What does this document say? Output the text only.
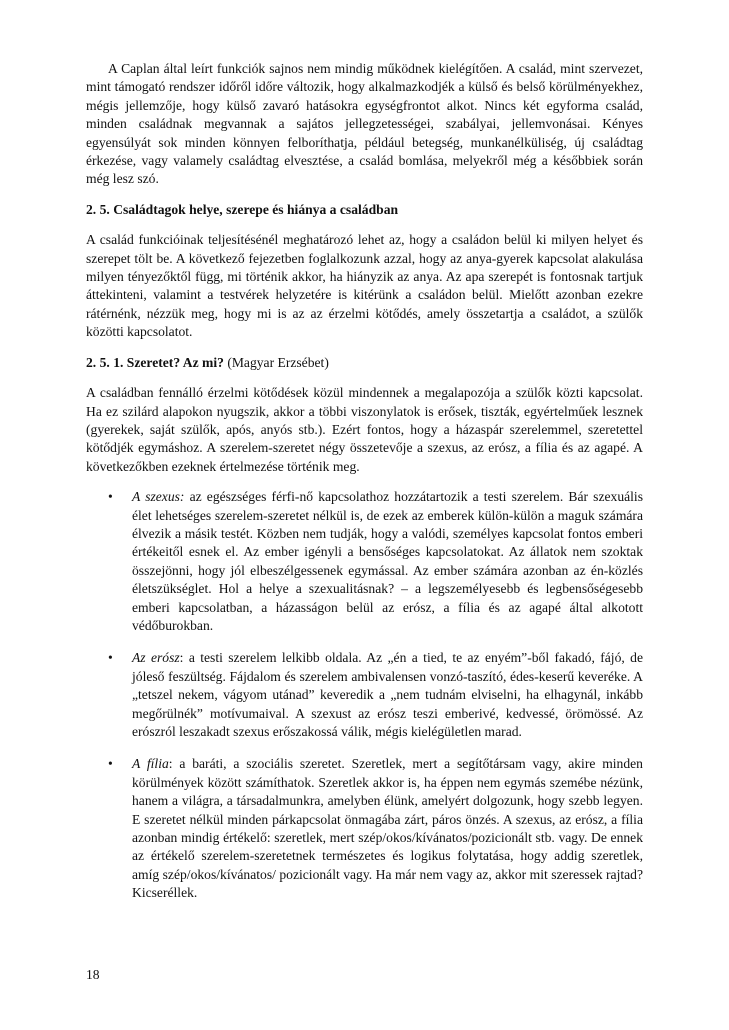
A Caplan által leírt funkciók sajnos nem mindig működnek kielégítően. A család, mint szervezet, mint támogató rendszer időről időre változik, hogy alkalmazkodjék a külső és belső körülményekhez, mégis jellemzője, hogy külső zavaró hatásokra egységfrontot alkot. Nincs két egyforma család, minden családnak megvannak a sajátos jellegzetességei, szabályai, jellemvonásai. Kényes egyensúlyát sok minden könnyen felboríthatja, például betegség, munkanélküliség, új családtag érkezése, vagy valamely családtag elvesztése, a család bomlása, melyekről még a későbbiek során még lesz szó.

2. 5. Családtagok helye, szerepe és hiánya a családban

A család funkcióinak teljesítésénél meghatározó lehet az, hogy a családon belül ki milyen helyet és szerepet tölt be. A következő fejezetben foglalkozunk azzal, hogy az anya-gyerek kapcsolat alakulása milyen tényezőktől függ, mi történik akkor, ha hiányzik az anya. Az apa szerepét is fontosnak tartjuk áttekinteni, valamint a testvérek helyzetére is kitérünk a családon belül. Mielőtt azonban ezekre rátérnénk, nézzük meg, hogy mi is az az érzelmi kötődés, amely összetartja a családot, a szülők közötti kapcsolatot.

2. 5. 1. Szeretet? Az mi? (Magyar Erzsébet)

A családban fennálló érzelmi kötődések közül mindennek a megalapozója a szülők közti kapcsolat. Ha ez szilárd alapokon nyugszik, akkor a többi viszonylatok is erősek, tiszták, egyértelműek lesznek (gyerekek, saját szülők, após, anyós stb.). Ezért fontos, hogy a házaspár szerelemmel, szeretettel kötődjék egymáshoz. A szerelem-szeretet négy összetevője a szexus, az erósz, a fília és az agapé. A következőkben ezeknek értelmezése történik meg.

• A szexus: az egészséges férfi-nő kapcsolathoz hozzátartozik a testi szerelem. Bár szexuális élet lehetséges szerelem-szeretet nélkül is, de ezek az emberek külön-külön a maguk számára élvezik a másik testét. Közben nem tudják, hogy a valódi, személyes kapcsolat fontos emberi értékeitől esnek el. Az ember igényli a bensőséges kapcsolatokat. Az állatok nem szoktak összejönni, hogy jól elbeszélgessenek egymással. Az ember számára azonban az én-közlés életszükséglet. Hol a helye a szexualitásnak? – a legszemélyesebb és legbensőségesebb emberi kapcsolatban, a házasságon belül az erósz, a fília és az agapé által alkotott védőburokban.
• Az erósz: a testi szerelem lelkibb oldala. Az „én a tied, te az enyém”-ből fakadó, fájó, de jóleső feszültség. Fájdalom és szerelem ambivalensen vonzó-taszító, édes-keserű keveréke. A „tetszel nekem, vágyom utánad” keveredik a „nem tudnám elviselni, ha elhagynál, inkább megőrülnék” motívumaival. A szexust az erósz teszi emberivé, kedvessé, örömössé. Az erószról leszakadt szexus erőszakossá válik, mégis kielégületlen marad.
• A fília: a baráti, a szociális szeretet. Szeretlek, mert a segítőtársam vagy, akire minden körülmények között számíthatok. Szeretlek akkor is, ha éppen nem egymás szemébe nézünk, hanem a világra, a társadalmunkra, amelyben élünk, amelyért dolgozunk, hogy szebb legyen. E szeretet nélkül minden párkapcsolat önmagába zárt, páros önzés. A szexus, az erósz, a fília azonban mindig értékelő: szeretlek, mert szép/okos/kívánatos/pozicionált stb. vagy. De ennek az értékelő szerelem-szeretetnek természetes és logikus folytatása, hogy addig szeretlek, amíg szép/okos/kívánatos/ pozicionált vagy. Ha már nem vagy az, akkor mit szeressek rajtad? Kicseréllek.
18
